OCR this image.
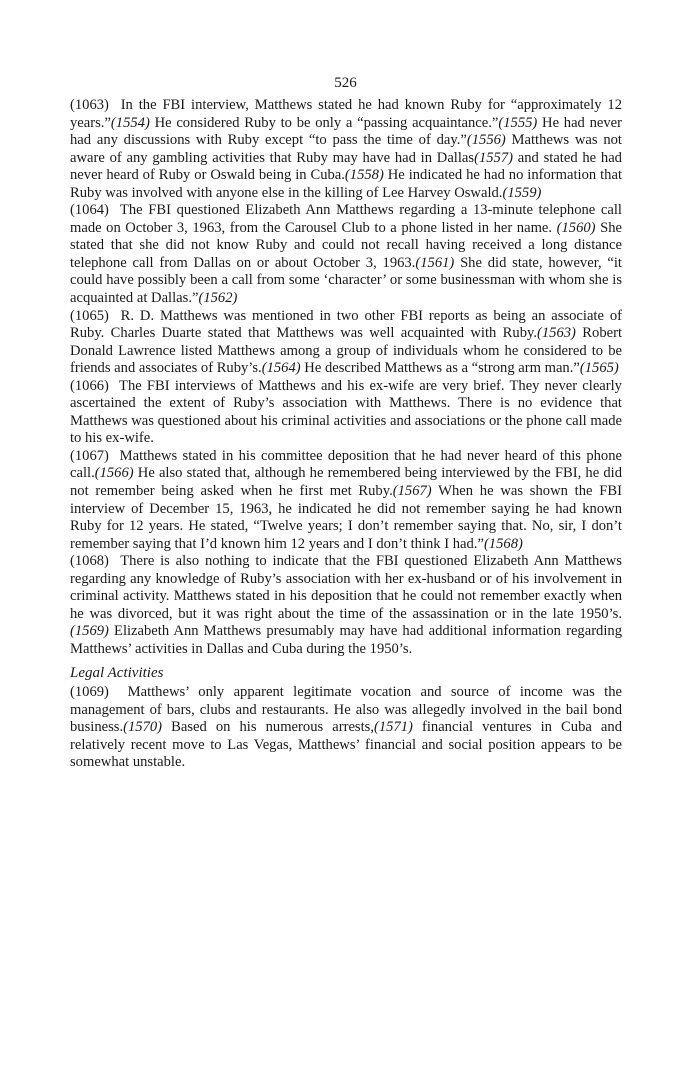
526

(1063)  In the FBI interview, Matthews stated he had known Ruby for “approximately 12 years.”(1554) He considered Ruby to be only a “passing acquaintance.”(1555) He had never had any discussions with Ruby except “to pass the time of day.”(1556) Matthews was not aware of any gambling activities that Ruby may have had in Dallas(1557) and stated he had never heard of Ruby or Oswald being in Cuba.(1558) He indicated he had no information that Ruby was involved with anyone else in the killing of Lee Harvey Oswald.(1559)

(1064)  The FBI questioned Elizabeth Ann Matthews regarding a 13-minute telephone call made on October 3, 1963, from the Carousel Club to a phone listed in her name. (1560) She stated that she did not know Ruby and could not recall having received a long distance telephone call from Dallas on or about October 3, 1963.(1561) She did state, however, “it could have possibly been a call from some ‘character’ or some businessman with whom she is acquainted at Dallas.”(1562)

(1065)  R. D. Matthews was mentioned in two other FBI reports as being an associate of Ruby. Charles Duarte stated that Matthews was well acquainted with Ruby.(1563) Robert Donald Lawrence listed Matthews among a group of individuals whom he considered to be friends and associates of Ruby’s.(1564) He described Matthews as a “strong arm man.”(1565)

(1066)  The FBI interviews of Matthews and his ex-wife are very brief. They never clearly ascertained the extent of Ruby’s association with Matthews. There is no evidence that Matthews was questioned about his criminal activities and associations or the phone call made to his ex-wife.

(1067)  Matthews stated in his committee deposition that he had never heard of this phone call.(1566) He also stated that, although he remembered being interviewed by the FBI, he did not remember being asked when he first met Ruby.(1567) When he was shown the FBI interview of December 15, 1963, he indicated he did not remember saying he had known Ruby for 12 years. He stated, “Twelve years; I don’t remember saying that. No, sir, I don’t remember saying that I’d known him 12 years and I don’t think I had.”(1568)

(1068)  There is also nothing to indicate that the FBI questioned Elizabeth Ann Matthews regarding any knowledge of Ruby’s association with her ex-husband or of his involvement in criminal activity. Matthews stated in his deposition that he could not remember exactly when he was divorced, but it was right about the time of the assassination or in the late 1950’s.(1569) Elizabeth Ann Matthews presumably may have had additional information regarding Matthews’ activities in Dallas and Cuba during the 1950’s.

Legal Activities

(1069)  Matthews’ only apparent legitimate vocation and source of income was the management of bars, clubs and restaurants. He also was allegedly involved in the bail bond business.(1570) Based on his numerous arrests,(1571) financial ventures in Cuba and relatively recent move to Las Vegas, Matthews’ financial and social position appears to be somewhat unstable.
